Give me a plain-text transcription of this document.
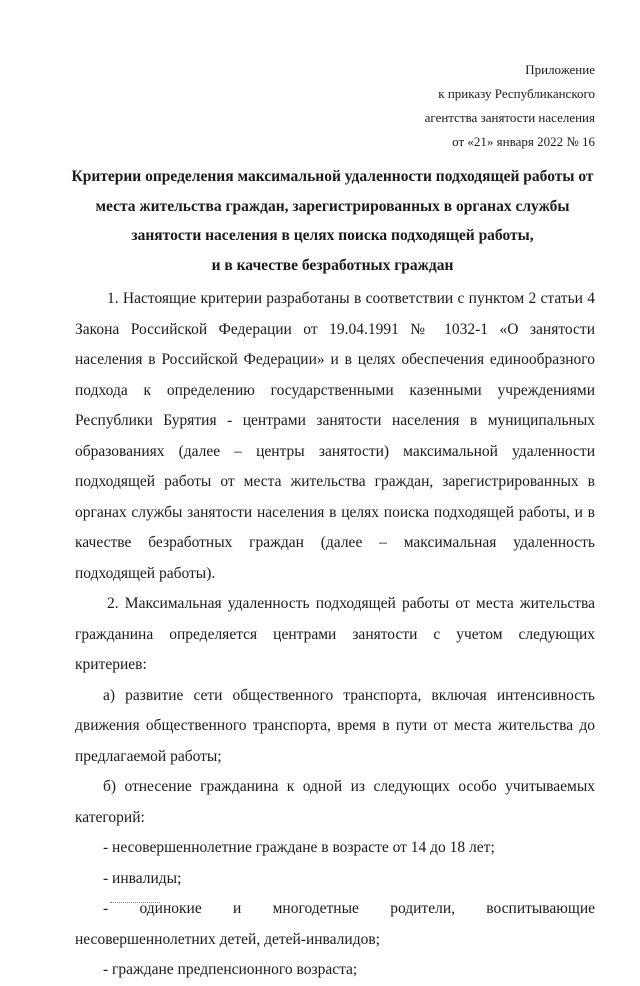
Приложение
к приказу Республиканского
агентства занятости населения
от «21» января 2022 № 16
Критерии определения максимальной удаленности подходящей работы от
места жительства граждан, зарегистрированных в органах службы
занятости населения в целях поиска подходящей работы,
и в качестве безработных граждан

1. Настоящие критерии разработаны в соответствии с пунктом 2 статьи 4 Закона Российской Федерации от 19.04.1991 № 1032-1 «О занятости населения в Российской Федерации» и в целях обеспечения единообразного подхода к определению государственными казенными учреждениями Республики Бурятия - центрами занятости населения в муниципальных образованиях (далее – центры занятости) максимальной удаленности подходящей работы от места жительства граждан, зарегистрированных в органах службы занятости населения в целях поиска подходящей работы, и в качестве безработных граждан (далее – максимальная удаленность подходящей работы).

2. Максимальная удаленность подходящей работы от места жительства гражданина определяется центрами занятости с учетом следующих критериев:

а) развитие сети общественного транспорта, включая интенсивность движения общественного транспорта, время в пути от места жительства до предлагаемой работы;

б) отнесение гражданина к одной из следующих особо учитываемых категорий:

- несовершеннолетние граждане в возрасте от 14 до 18 лет;

- инвалиды;

- одинокие и многодетные родители, воспитывающие несовершеннолетних детей, детей-инвалидов;

- граждане предпенсионного возраста;
